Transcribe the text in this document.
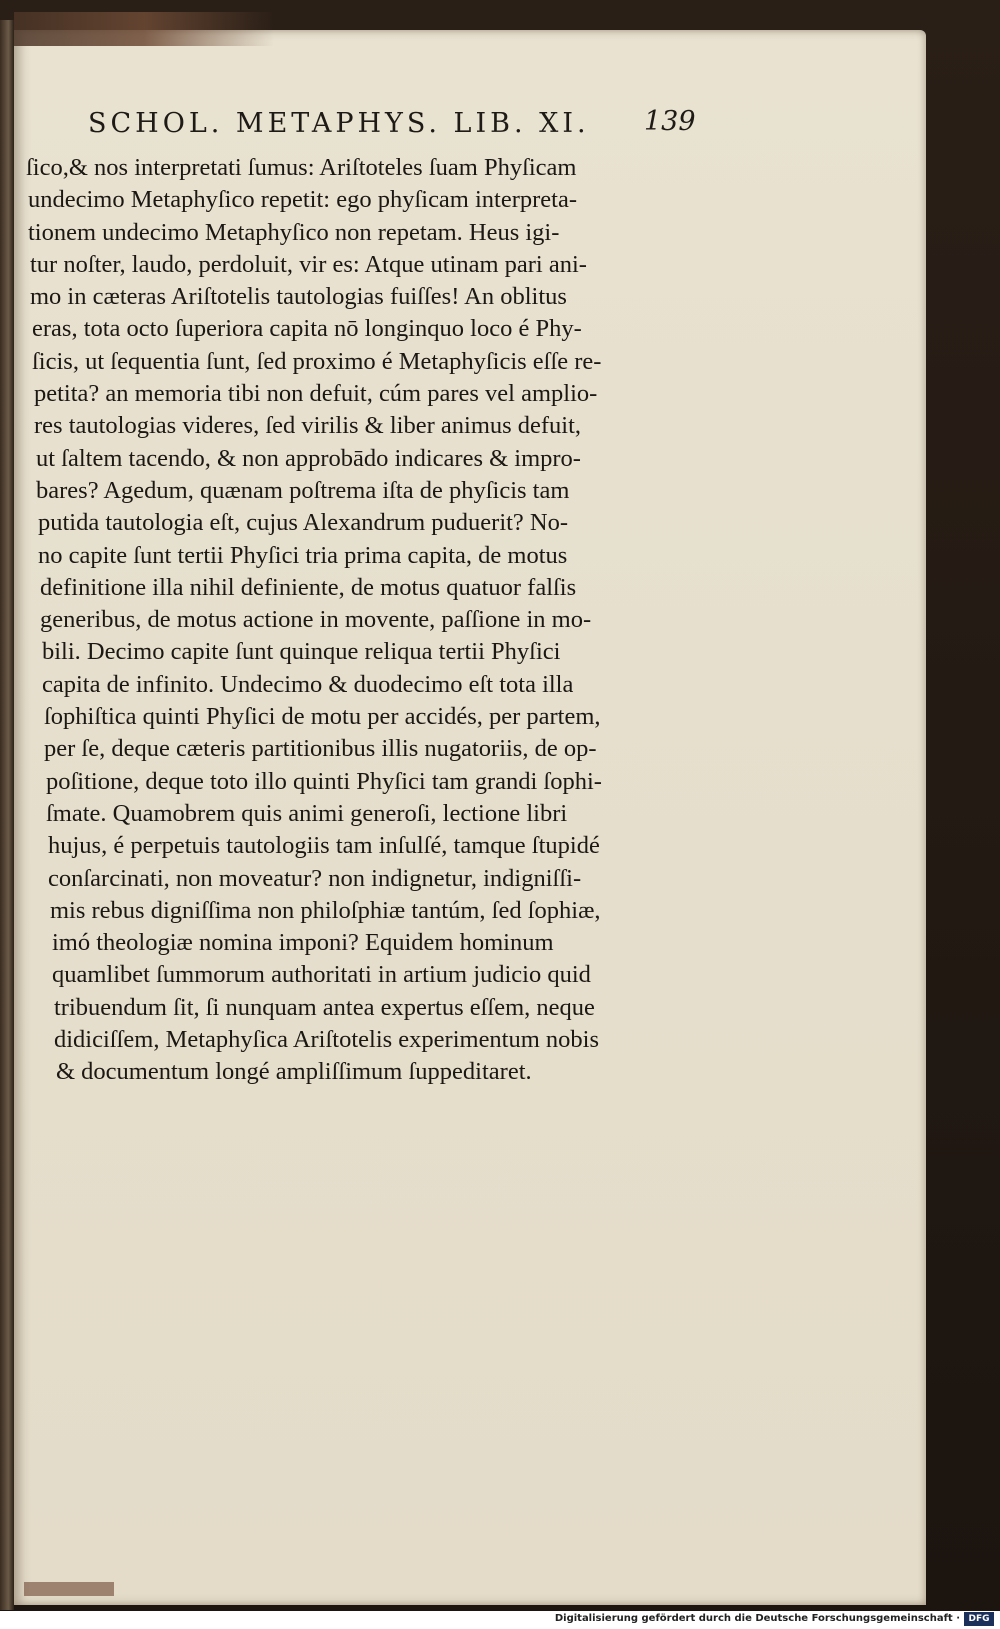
SCHOL. METAPHYS. LIB. XI.	139
ſico,& nos interpretati ſumus: Ariſtoteles ſuam Phyſicam
undecimo Metaphyſico repetit: ego phyſicam interpreta-
tionem undecimo Metaphyſico non repetam. Heus igi-
tur noſter, laudo, perdoluit, vir es: Atque utinam pari ani-
mo in cæteras Ariſtotelis tautologias fuiſſes! An oblitus
eras, tota octo ſuperiora capita nō longinquo loco é Phy-
ſicis, ut ſequentia ſunt, ſed proximo é Metaphyſicis eſſe re-
petita? an memoria tibi non defuit, cúm pares vel amplio-
res tautologias videres, ſed virilis & liber animus defuit,
ut ſaltem tacendo, & non approbādo indicares & impro-
bares? Agedum, quænam poſtrema iſta de phyſicis tam
putida tautologia eſt, cujus Alexandrum puduerit? No-
no capite ſunt tertii Phyſici tria prima capita, de motus
definitione illa nihil definiente, de motus quatuor falſis
generibus, de motus actione in movente, paſſione in mo-
bili. Decimo capite ſunt quinque reliqua tertii Phyſici
capita de infinito. Undecimo & duodecimo eſt tota illa
ſophiſtica quinti Phyſici de motu per accidés, per partem,
per ſe, deque cæteris partitionibus illis nugatoriis, de op-
poſitione, deque toto illo quinti Phyſici tam grandi ſophi-
ſmate. Quamobrem quis animi generoſi, lectione libri
hujus, é perpetuis tautologiis tam inſulſé, tamque ſtupidé
conſarcinati, non moveatur? non indignetur, indigniſſi-
mis rebus digniſſima non philoſphiæ tantúm, ſed ſophiæ,
imó theologiæ nomina imponi? Equidem hominum
quamlibet ſummorum authoritati in artium judicio quid
tribuendum ſit, ſi nunquam antea expertus eſſem, neque
didiciſſem, Metaphyſica Ariſtotelis experimentum nobis
& documentum longé ampliſſimum ſuppeditaret.
Digitalisierung gefördert durch die Deutsche Forschungsgemeinschaft · DFG
